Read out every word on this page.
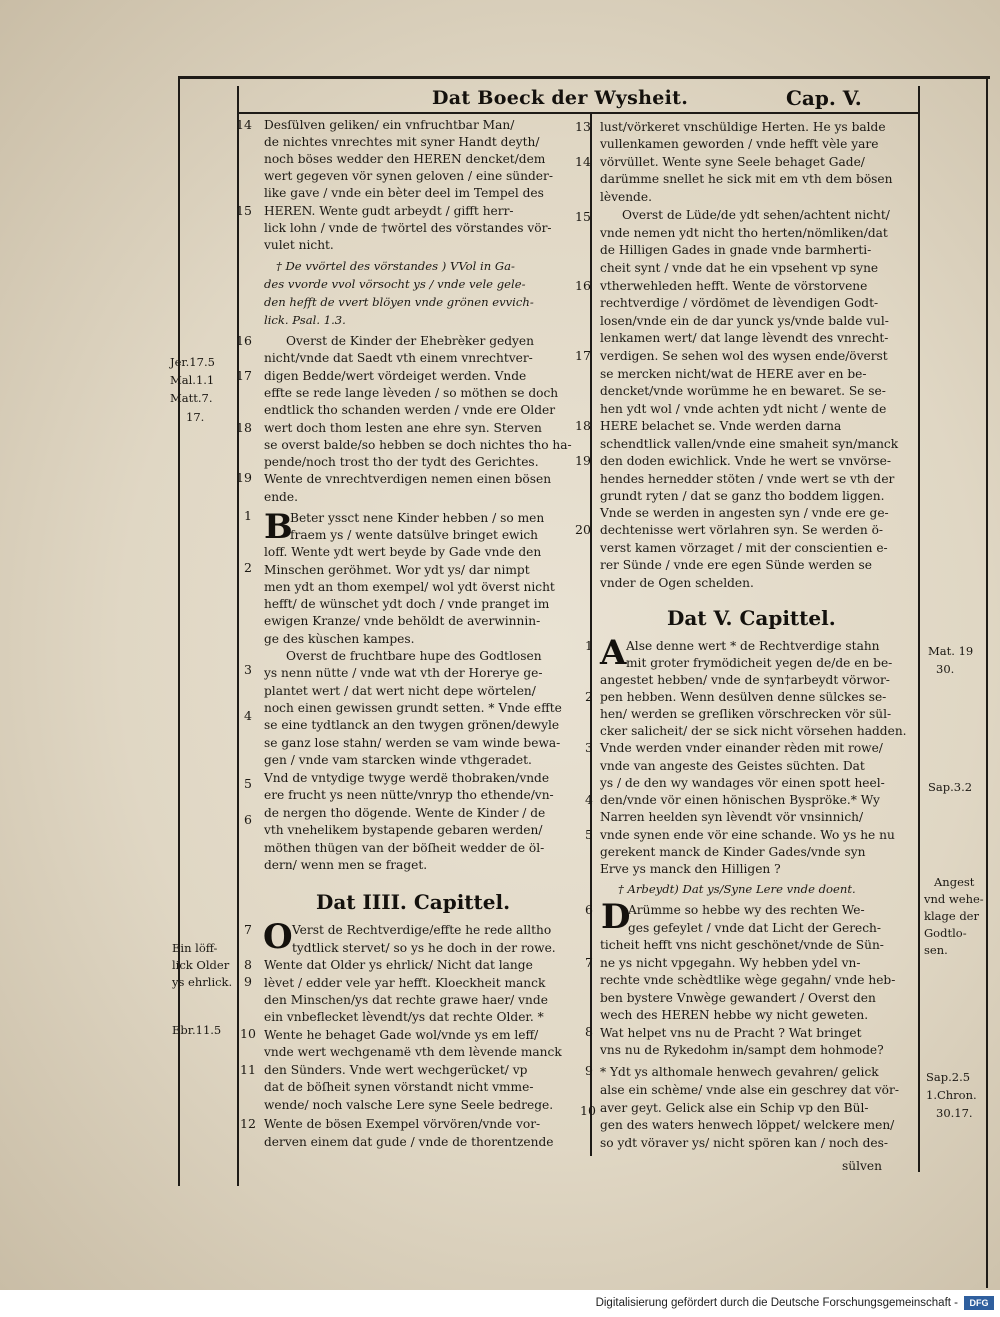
Dat Boeck der Wysheit.	Cap. V.
Jer.17.5
Mal.1.1
Matt.7.
17.
Ein löff-
lick Older
ys ehrlick.
Ebr.11.5
Mat. 19
30.
Sap.3.2
Angest
vnd wehe-
klage der
Godtlo-
sen.
Sap.2.5
1.Chron.
30.17.
14
15
16
17
18
19
1
2
3
4
5
6
7
8
9
10
11
12
Desſülven geliken/ ein vnfruchtbar Man/
de nichtes vnrechtes mit syner Handt deyth/
noch böses wedder den HEREN dencket/dem
wert gegeven vör synen geloven / eine sünder-
like gave / vnde ein bèter deel im Tempel des
HEREN. Wente gudt arbeydt / gifft herr-
lick lohn / vnde de †wörtel des vörstandes vör-
vulet nicht.
† De vvörtel des vörstandes ) VVol in Ga-
des vvorde vvol vörsocht ys / vnde vele gele-
den hefft de vvert blöyen vnde grönen evvich-
lick. Psal. 1.3.
Overst de Kinder der Ehebrèker gedyen
nicht/vnde dat Saedt vth einem vnrechtver-
digen Bedde/wert vördeiget werden. Vnde
effte se rede lange lèveden / so möthen se doch
endtlick tho schanden werden / vnde ere Older
wert doch thom lesten ane ehre syn. Sterven
se overst balde/so hebben se doch nichtes tho ha-
pende/noch trost tho der tydt des Gerichtes.
Wente de vnrechtverdigen nemen einen bösen
ende.
B
Beter yssct nene Kinder hebben / so men
fraem ys / wente datsülve bringet ewich
loff. Wente ydt wert beyde by Gade vnde den
Minschen geröhmet. Wor ydt ys/ dar nimpt
men ydt an thom exempel/ wol ydt överst nicht
hefft/ de wünschet ydt doch / vnde pranget im
ewigen Kranze/ vnde behöldt de averwinnin-
ge des kùschen kampes.
Overst de fruchtbare hupe des Godtlosen
ys nenn nütte / vnde wat vth der Horerye ge-
plantet wert / dat wert nicht depe wörtelen/
noch einen gewissen grundt setten. * Vnde effte
se eine tydtlanck an den twygen grönen/dewyle
se ganz lose stahn/ werden se vam winde bewa-
gen / vnde vam starcken winde vthgeradet.
Vnd de vntydige twyge werdë thobraken/vnde
ere frucht ys neen nütte/vnryp tho ethende/vn-
de nergen tho dögende. Wente de Kinder / de
vth vnehelikem bystapende gebaren werden/
möthen thügen van der böſheit wedder de öl-
dern/ wenn men se fraget.
Dat IIII. Capittel.
O Verst de Rechtverdige/effte he rede alltho
tydtlick stervet/ so ys he doch in der rowe.
Wente dat Older ys ehrlick/ Nicht dat lange
lèvet / edder vele yar hefft. Kloeckheit manck
den Minschen/ys dat rechte grawe haer/ vnde
ein vnbeflecket lèvendt/ys dat rechte Older. *
Wente he behaget Gade wol/vnde ys em leff/
vnde wert wechgenamë vth dem lèvende manck
den Sünders. Vnde wert wechgerücket/ vp
dat de böſheit synen vörstandt nicht vmme-
wende/ noch valsche Lere syne Seele bedrege.
Wente de bösen Exempel vörvören/vnde vor-
derven einem dat gude / vnde de thorentzende
13
14
15
16
17
18
19
20
1
2
3
4
5
6
7
8
9
10
lust/vörkeret vnschüldige Herten. He ys balde
vullenkamen geworden / vnde hefft vèle yare
vörvüllet. Wente syne Seele behaget Gade/
darümme snellet he sick mit em vth dem bösen
lèvende.
Overst de Lüde/de ydt sehen/achtent nicht/
vnde nemen ydt nicht tho herten/nömliken/dat
de Hilligen Gades in gnade vnde barmherti-
cheit synt / vnde dat he ein vpsehent vp syne
vtherwehleden hefft. Wente de vörstorvene
rechtverdige / vördömet de lèvendigen Godt-
losen/vnde ein de dar yunck ys/vnde balde vul-
lenkamen wert/ dat lange lèvendt des vnrecht-
verdigen. Se sehen wol des wysen ende/överst
se mercken nicht/wat de HERE aver en be-
dencket/vnde worümme he en bewaret. Se se-
hen ydt wol / vnde achten ydt nicht / wente de
HERE belachet se. Vnde werden darna
schendtlick vallen/vnde eine smaheit syn/manck
den doden ewichlick. Vnde he wert se vnvörse-
hendes hernedder stöten / vnde wert se vth der
grundt ryten / dat se ganz tho boddem liggen.
Vnde se werden in angesten syn / vnde ere ge-
dechtenisse wert vörlahren syn. Se werden ö-
verst kamen vörzaget / mit der conscientien e-
rer Sünde / vnde ere egen Sünde werden se
vnder de Ogen schelden.
Dat V. Capittel.
A Alse denne wert * de Rechtverdige stahn
mit groter frymödicheit yegen de/de en be-
angestet hebben/ vnde de syn†arbeydt vörwor-
pen hebben. Wenn desülven denne sülckes se-
hen/ werden se greſliken vörschrecken vör sül-
cker salicheit/ der se sick nicht vörsehen hadden.
Vnde werden vnder einander rèden mit rowe/
vnde van angeste des Geistes süchten. Dat
ys / de den wy wandages vör einen spott heel-
den/vnde vör einen hönischen Byspröke.* Wy
Narren heelden syn lèvendt vör vnsinnich/
vnde synen ende vör eine schande. Wo ys he nu
gerekent manck de Kinder Gades/vnde syn
Erve ys manck den Hilligen ?
† Arbeydt) Dat ys/Syne Lere vnde doent.
D
Arümme so hebbe wy des rechten We-
ges gefeylet / vnde dat Licht der Gerech-
ticheit hefft vns nicht geschönet/vnde de Sün-
ne ys nicht vpgegahn. Wy hebben ydel vn-
rechte vnde schèdtlike wège gegahn/ vnde heb-
ben bystere Vnwège gewandert / Overst den
wech des HEREN hebbe wy nicht geweten.
Wat helpet vns nu de Pracht ? Wat bringet
vns nu de Rykedohm in/sampt dem hohmode?
* Ydt ys althomale henwech gevahren/ gelick
alse ein schème/ vnde alse ein geschrey dat vör-
aver geyt. Gelick alse ein Schip vp den Bül-
gen des waters henwech löppet/ welckere men/
so ydt vöraver ys/ nicht spören kan / noch des-
sülven
Digitalisierung gefördert durch die Deutsche Forschungsgemeinschaft -	DFG
